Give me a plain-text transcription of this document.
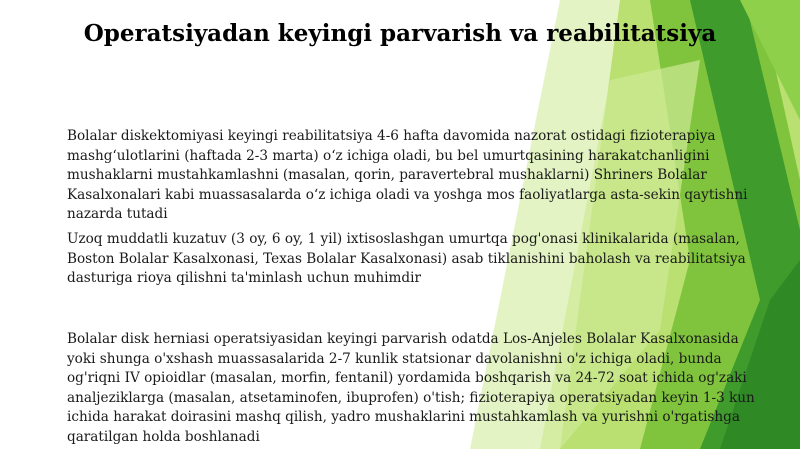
Operatsiyadan keyingi parvarish va reabilitatsiya

Bolalar diskektomiyasi keyingi reabilitatsiya 4-6 hafta davomida nazorat ostidagi fizioterapiya mashg‘ulotlarini (haftada 2-3 marta) o‘z ichiga oladi, bu bel umurtqasining harakatchanligini mushaklarni mustahkamlashni (masalan, qorin, paravertebral mushaklarni) Shriners Bolalar Kasalxonalari kabi muassasalarda o‘z ichiga oladi va yoshga mos faoliyatlarga asta-sekin qaytishni nazarda tutadi

Uzoq muddatli kuzatuv (3 oy, 6 oy, 1 yil) ixtisoslashgan umurtqa pog'onasi klinikalarida (masalan, Boston Bolalar Kasalxonasi, Texas Bolalar Kasalxonasi) asab tiklanishini baholash va reabilitatsiya dasturiga rioya qilishni ta'minlash uchun muhimdir

Bolalar disk herniasi operatsiyasidan keyingi parvarish odatda Los-Anjeles Bolalar Kasalxonasida yoki shunga o'xshash muassasalarida 2-7 kunlik statsionar davolanishni o'z ichiga oladi, bunda og'riqni IV opioidlar (masalan, morfin, fentanil) yordamida boshqarish va 24-72 soat ichida og'zaki analjeziklarga (masalan, atsetaminofen, ibuprofen) o'tish; fizioterapiya operatsiyadan keyin 1-3 kun ichida harakat doirasini mashq qilish, yadro mushaklarini mustahkamlash va yurishni o'rgatishga qaratilgan holda boshlanadi
